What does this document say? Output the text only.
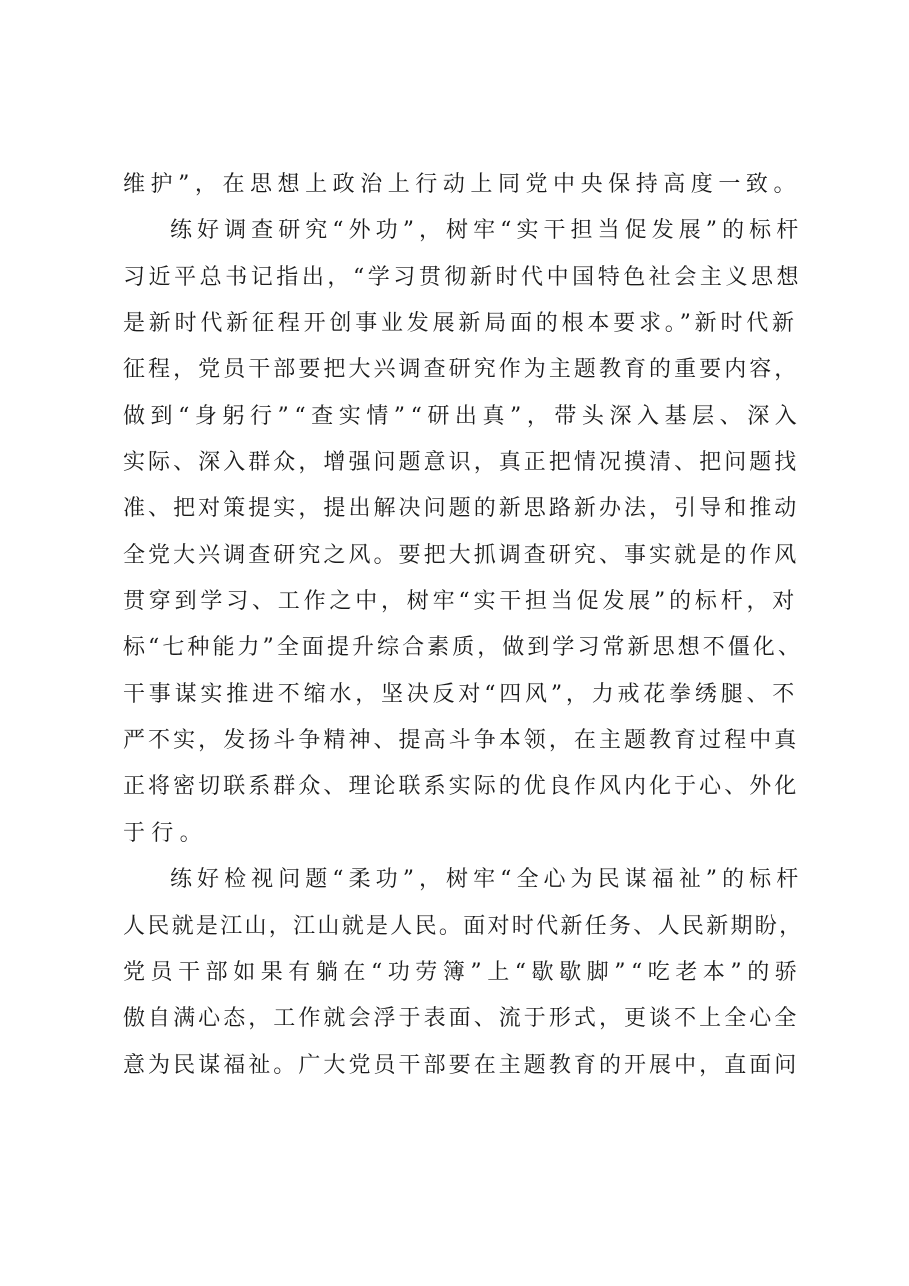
维护”，在思想上政治上行动上同党中央保持高度一致。
练好调查研究“外功”，树牢“实干担当促发展”的标杆
习近平总书记指出，“学习贯彻新时代中国特色社会主义思想
是新时代新征程开创事业发展新局面的根本要求。”新时代新
征程，党员干部要把大兴调查研究作为主题教育的重要内容，
做到“身躬行”“查实情”“研出真”，带头深入基层、深入
实际、深入群众，增强问题意识，真正把情况摸清、把问题找
准、把对策提实，提出解决问题的新思路新办法，引导和推动
全党大兴调查研究之风。要把大抓调查研究、事实就是的作风
贯穿到学习、工作之中，树牢“实干担当促发展”的标杆，对
标“七种能力”全面提升综合素质，做到学习常新思想不僵化、
干事谋实推进不缩水，坚决反对“四风”，力戒花拳绣腿、不
严不实，发扬斗争精神、提高斗争本领，在主题教育过程中真
正将密切联系群众、理论联系实际的优良作风内化于心、外化
于行。
练好检视问题“柔功”，树牢“全心为民谋福祉”的标杆
人民就是江山，江山就是人民。面对时代新任务、人民新期盼，
党员干部如果有躺在“功劳簿”上“歇歇脚”“吃老本”的骄
傲自满心态，工作就会浮于表面、流于形式，更谈不上全心全
意为民谋福祉。广大党员干部要在主题教育的开展中，直面问
